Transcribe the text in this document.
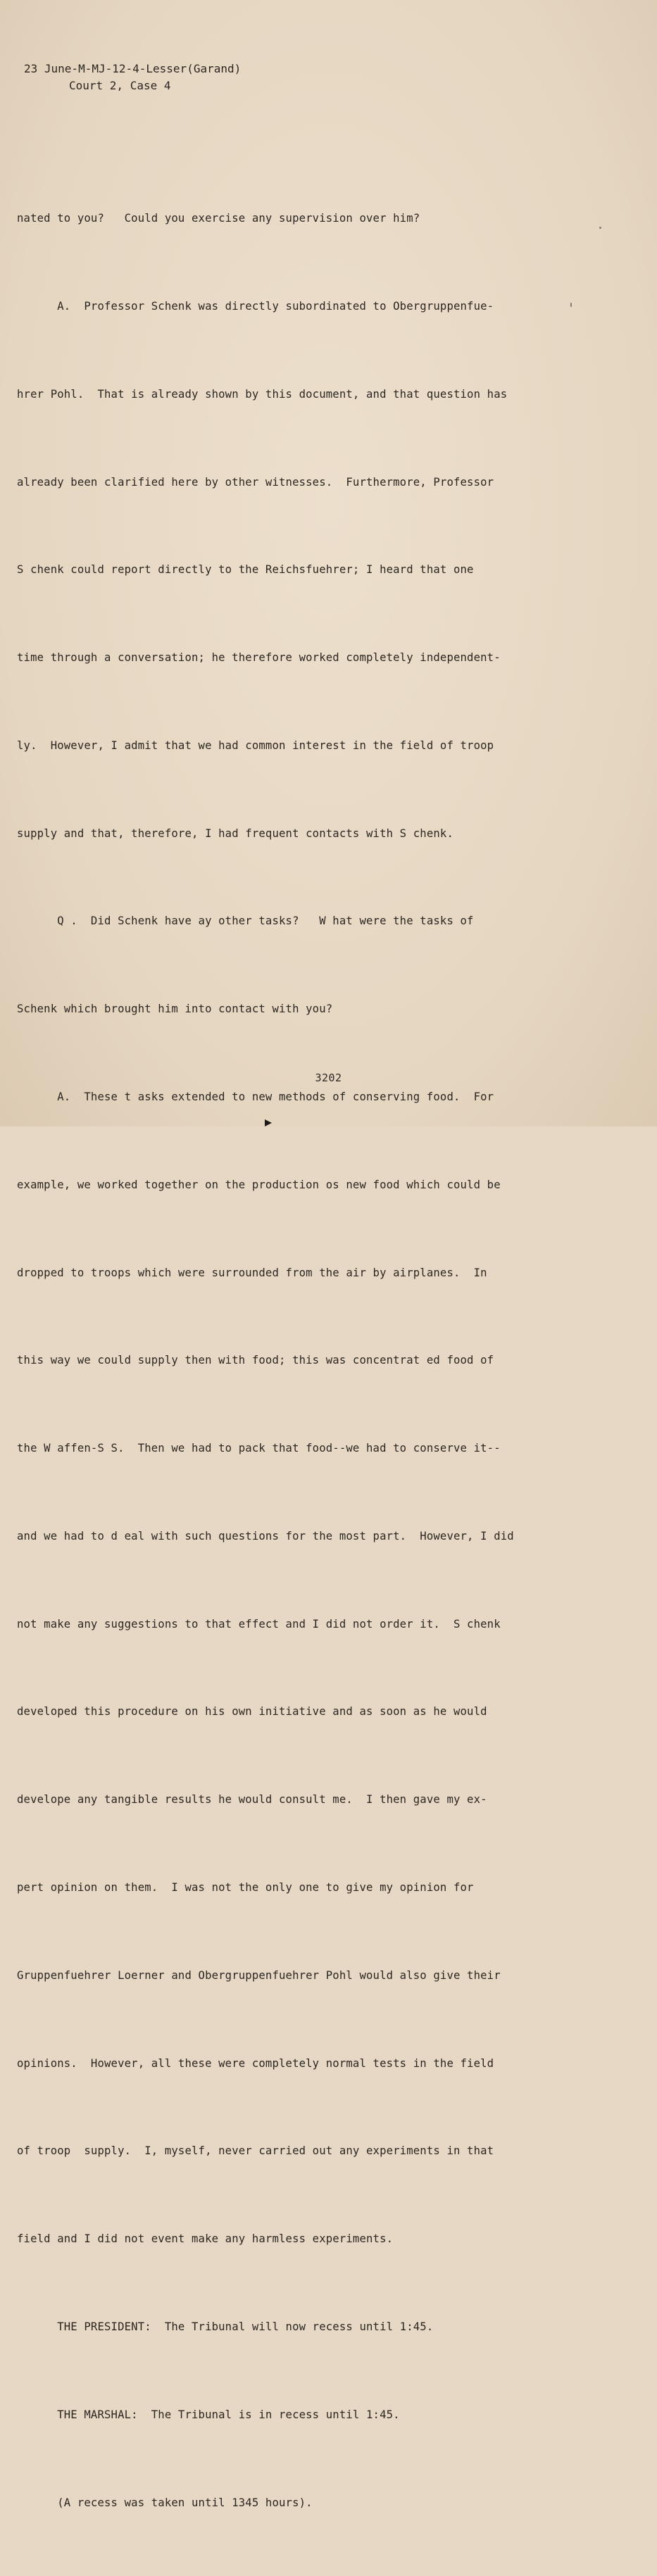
23 June-M-MJ-12-4-Lesser(Garand)
Court 2, Case 4

nated to you?   Could you exercise any supervision over him?

A.  Professor Schenk was directly subordinated to Obergruppenfue-

hrer Pohl.  That is already shown by this document, and that question has

already been clarified here by other witnesses.  Furthermore, Professor

S chenk could report directly to the Reichsfuehrer; I heard that one

time through a conversation; he therefore worked completely independent-

ly.  However, I admit that we had common interest in the field of troop

supply and that, therefore, I had frequent contacts with S chenk.

Q .  Did Schenk have ay other tasks?   W hat were the tasks of

Schenk which brought him into contact with you?

A.  These t asks extended to new methods of conserving food.  For

example, we worked together on the production os new food which could be

dropped to troops which were surrounded from the air by airplanes.  In

this way we could supply then with food; this was concentrat ed food of

the W affen-S S.  Then we had to pack that food--we had to conserve it--

and we had to d eal with such questions for the most part.  However, I did

not make any suggestions to that effect and I did not order it.  S chenk

developed this procedure on his own initiative and as soon as he would

develope any tangible results he would consult me.  I then gave my ex-

pert opinion on them.  I was not the only one to give my opinion for

Gruppenfuehrer Loerner and Obergruppenfuehrer Pohl would also give their

opinions.  However, all these were completely normal tests in the field

of troop  supply.  I, myself, never carried out any experiments in that

field and I did not event make any harmless experiments.

THE PRESIDENT:  The Tribunal will now recess until 1:45.

THE MARSHAL:  The Tribunal is in recess until 1:45.

(A recess was taken until 1345 hours).

3202
